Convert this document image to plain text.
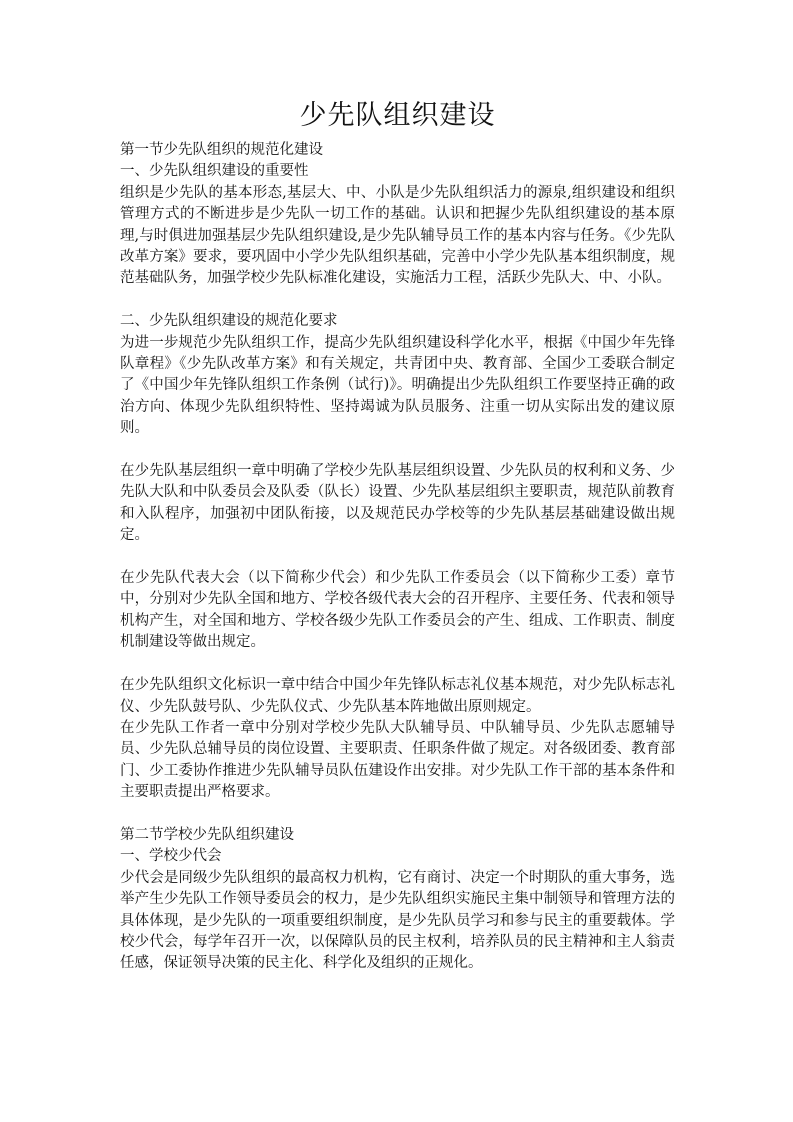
少先队组织建设

第一节少先队组织的规范化建设

一、少先队组织建设的重要性

组织是少先队的基本形态,基层大、中、小队是少先队组织活力的源泉,组织建设和组织管理方式的不断进步是少先队一切工作的基础。认识和把握少先队组织建设的基本原理,与时俱进加强基层少先队组织建设,是少先队辅导员工作的基本内容与任务。《少先队改革方案》要求，要巩固中小学少先队组织基础，完善中小学少先队基本组织制度，规范基础队务，加强学校少先队标准化建设，实施活力工程，活跃少先队大、中、小队。

二、少先队组织建设的规范化要求

为进一步规范少先队组织工作，提高少先队组织建设科学化水平，根据《中国少年先锋队章程》《少先队改革方案》和有关规定，共青团中央、教育部、全国少工委联合制定了《中国少年先锋队组织工作条例（试行)》。明确提出少先队组织工作要坚持正确的政治方向、体现少先队组织特性、坚持竭诚为队员服务、注重一切从实际出发的建议原则。

在少先队基层组织一章中明确了学校少先队基层组织设置、少先队员的权利和义务、少先队大队和中队委员会及队委（队长）设置、少先队基层组织主要职责，规范队前教育和入队程序，加强初中团队衔接，以及规范民办学校等的少先队基层基础建设做出规定。

在少先队代表大会（以下简称少代会）和少先队工作委员会（以下简称少工委）章节中，分别对少先队全国和地方、学校各级代表大会的召开程序、主要任务、代表和领导机构产生，对全国和地方、学校各级少先队工作委员会的产生、组成、工作职责、制度机制建设等做出规定。

在少先队组织文化标识一章中结合中国少年先锋队标志礼仪基本规范，对少先队标志礼仪、少先队鼓号队、少先队仪式、少先队基本阵地做出原则规定。

在少先队工作者一章中分别对学校少先队大队辅导员、中队辅导员、少先队志愿辅导员、少先队总辅导员的岗位设置、主要职责、任职条件做了规定。对各级团委、教育部门、少工委协作推进少先队辅导员队伍建设作出安排。对少先队工作干部的基本条件和主要职责提出严格要求。

第二节学校少先队组织建设

一、学校少代会

少代会是同级少先队组织的最高权力机构，它有商讨、决定一个时期队的重大事务，选举产生少先队工作领导委员会的权力，是少先队组织实施民主集中制领导和管理方法的具体体现，是少先队的一项重要组织制度，是少先队员学习和参与民主的重要载体。学校少代会，每学年召开一次，以保障队员的民主权利，培养队员的民主精神和主人翁责任感，保证领导决策的民主化、科学化及组织的正规化。
